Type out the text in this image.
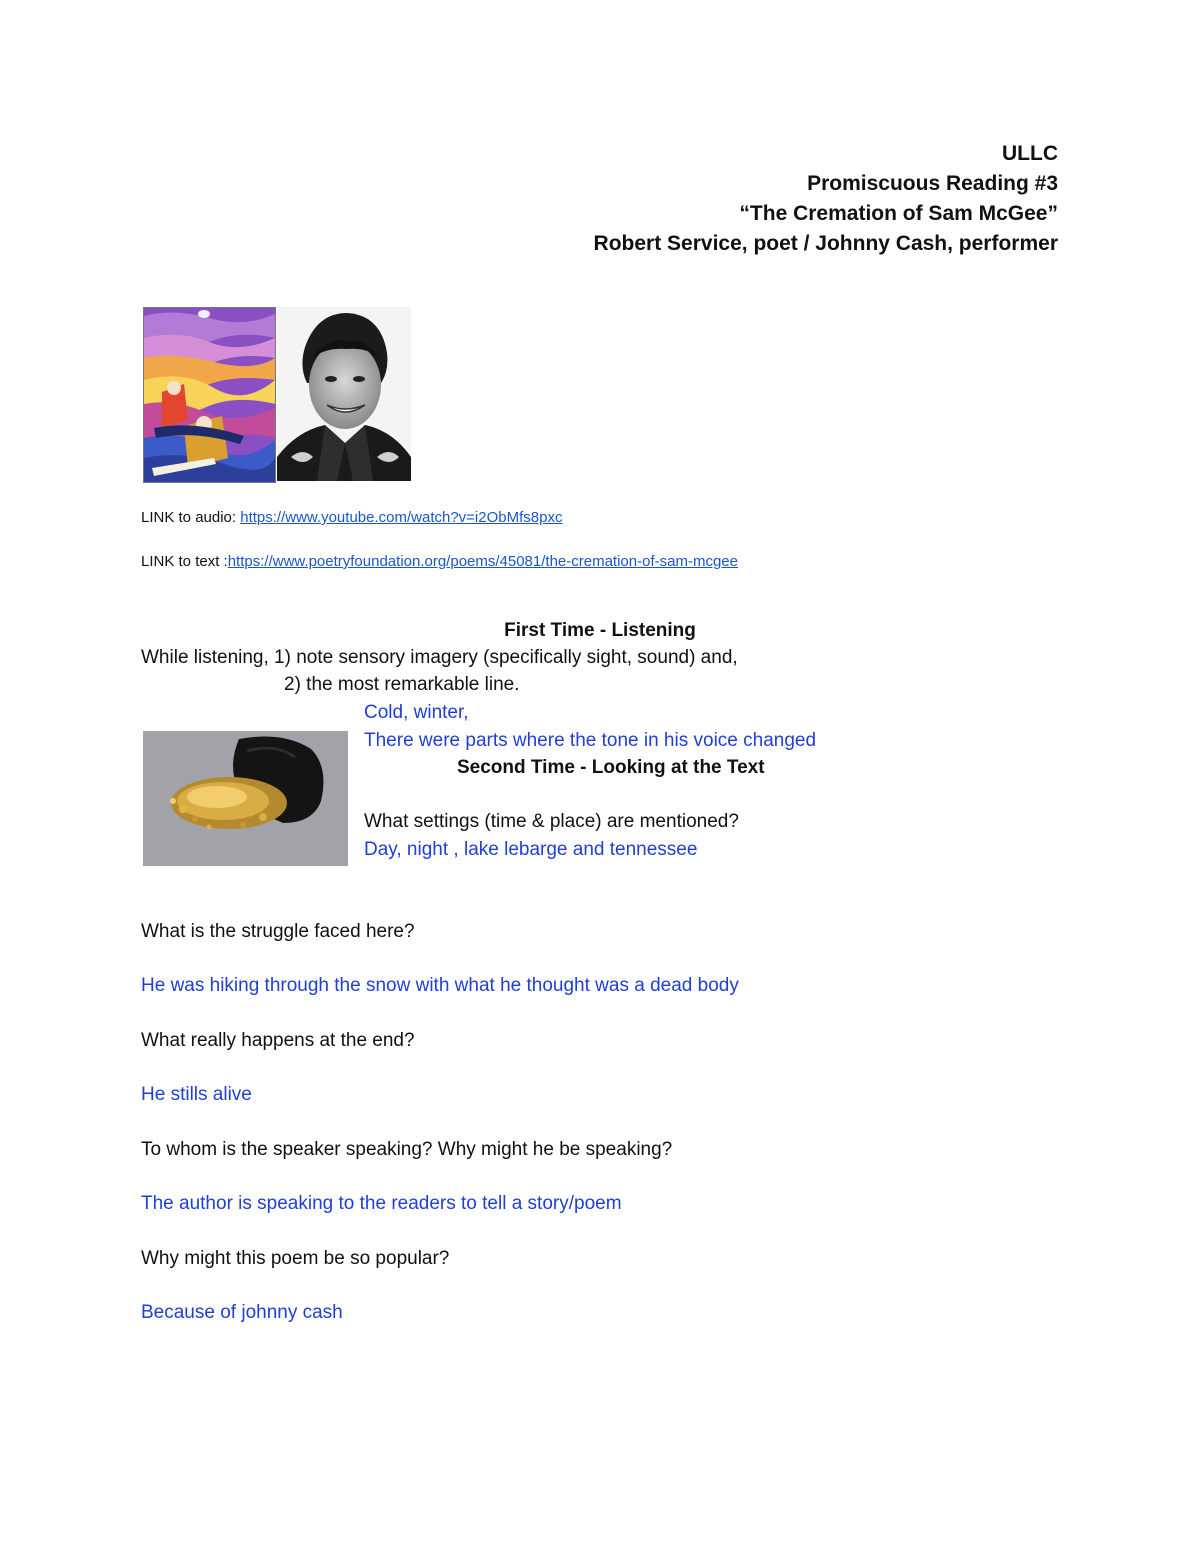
ULLC
Promiscuous Reading #3
“The Cremation of Sam McGee”
Robert Service, poet / Johnny Cash, performer
LINK to audio: https://www.youtube.com/watch?v=i2ObMfs8pxc
LINK to text :https://www.poetryfoundation.org/poems/45081/the-cremation-of-sam-mcgee
First Time - Listening
While listening, 1) note sensory imagery (specifically sight, sound) and,
2) the most remarkable line.
Cold, winter,
There were parts where the tone in his voice changed
Second Time - Looking at the Text
What settings (time & place) are mentioned?
Day, night , lake lebarge and tennessee
What is the struggle faced here?
He was hiking through the snow with what he thought was a dead body
What really happens at the end?
He stills alive
To whom is the speaker speaking? Why might he be speaking?
The author is speaking to the readers to tell a story/poem
Why might this poem be so popular?
Because of johnny cash
